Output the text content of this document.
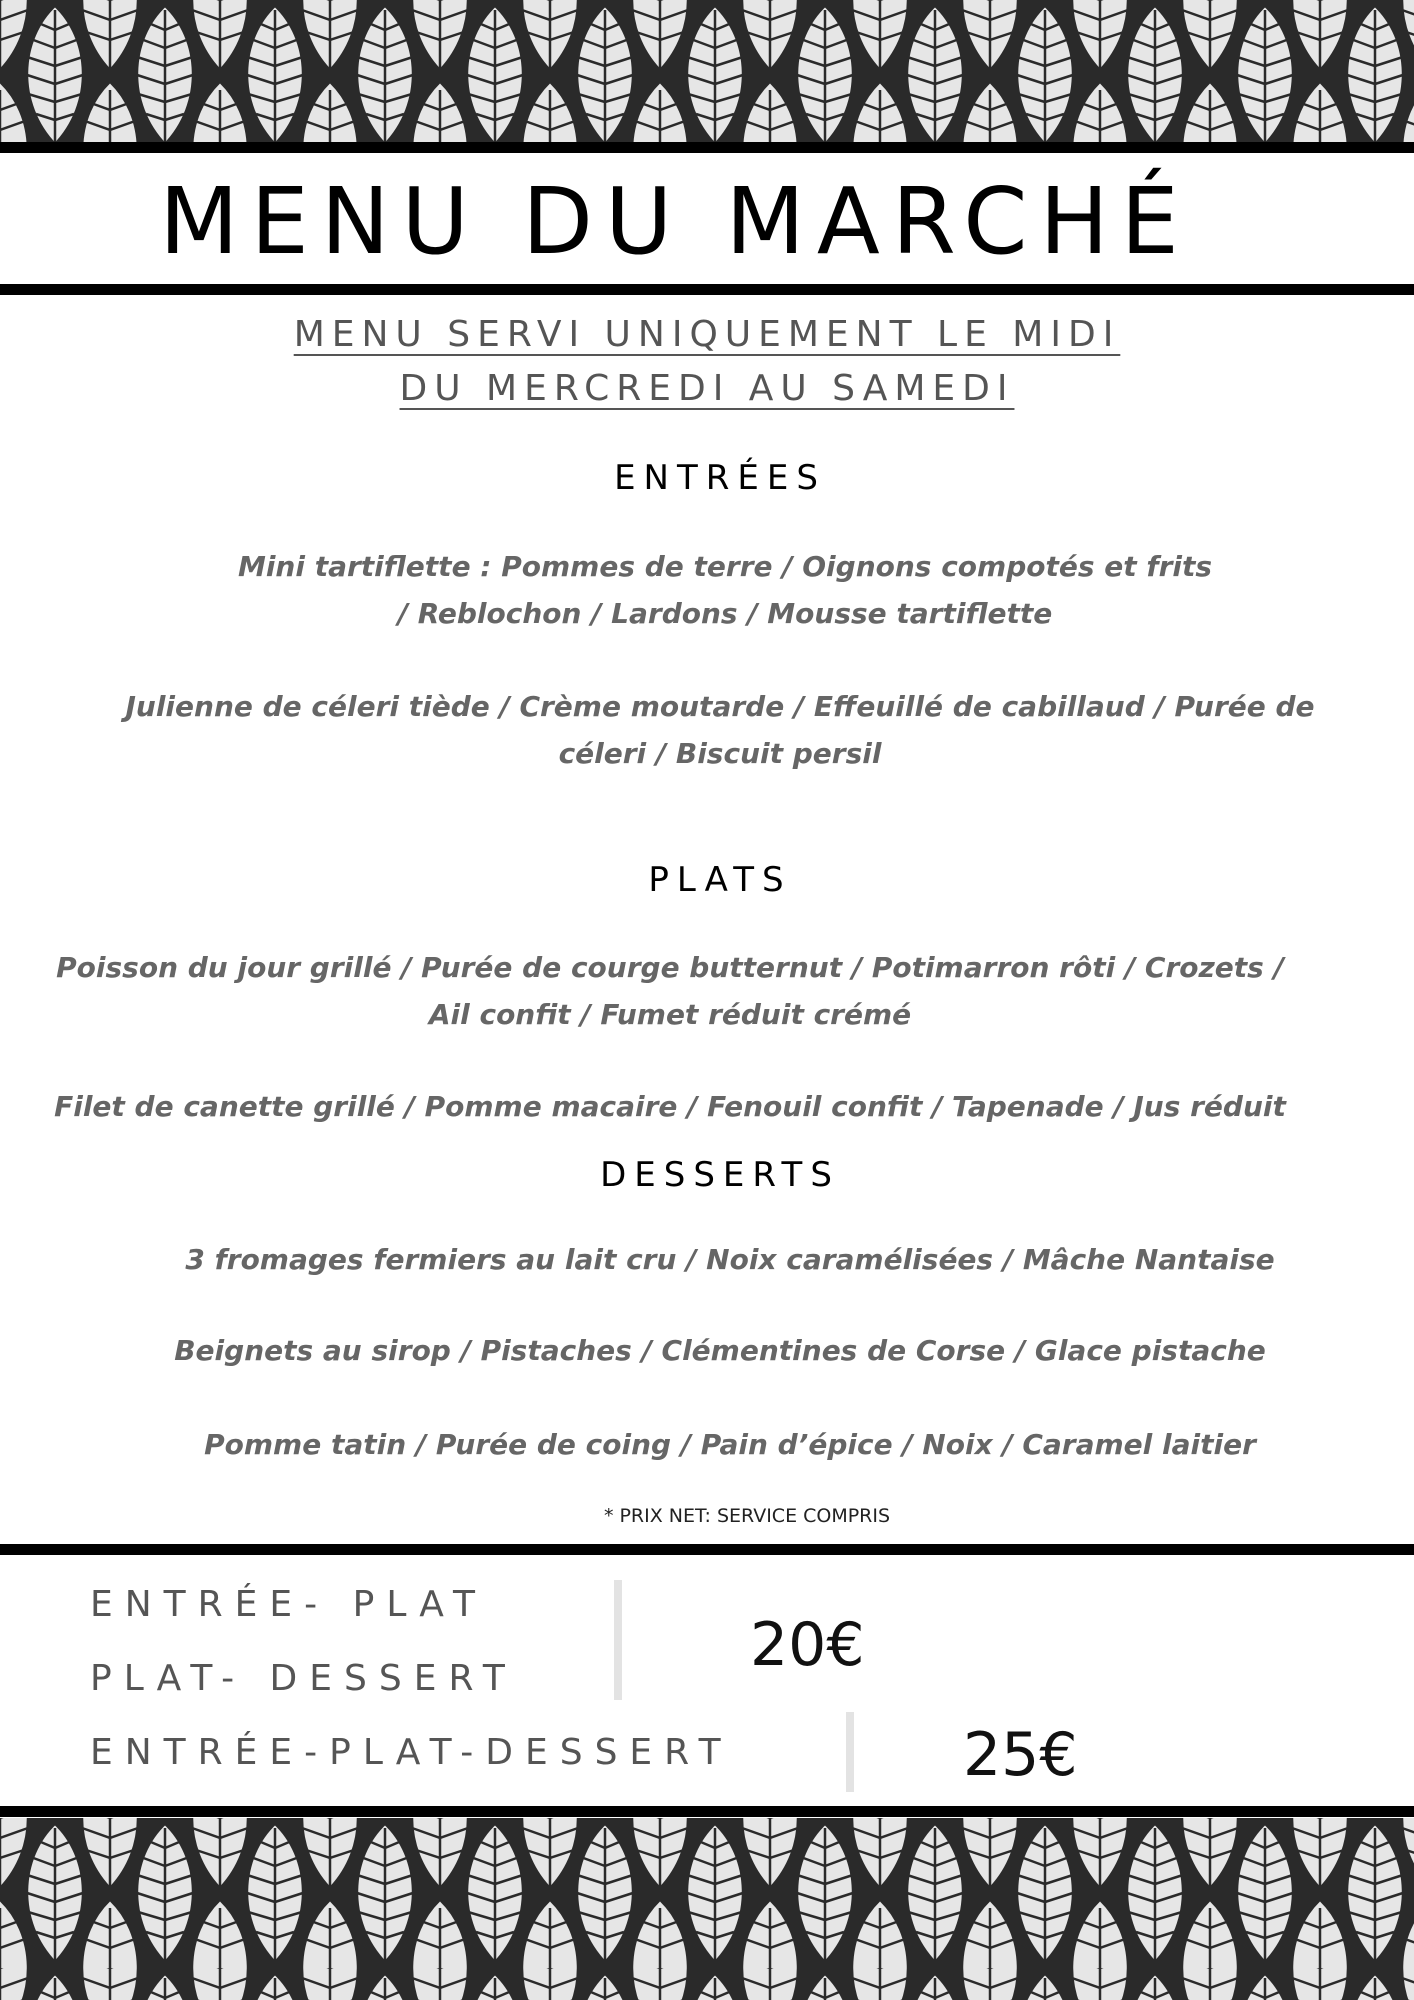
MENU DU MARCHÉ
MENU SERVI UNIQUEMENT LE MIDI
DU MERCREDI AU SAMEDI
ENTRÉES
Mini tartiflette : Pommes de terre / Oignons compotés et frits / Reblochon / Lardons / Mousse tartiflette
Julienne de céleri tiède / Crème moutarde / Effeuillé de cabillaud / Purée de céleri / Biscuit persil
PLATS
Poisson du jour grillé / Purée de courge butternut / Potimarron rôti / Crozets / Ail confit / Fumet réduit crémé
Filet de canette grillé / Pomme macaire / Fenouil confit / Tapenade / Jus réduit
DESSERTS
3 fromages fermiers au lait cru / Noix caramélisées / Mâche Nantaise
Beignets au sirop / Pistaches / Clémentines de Corse / Glace pistache
Pomme tatin / Purée de coing / Pain d’épice / Noix / Caramel laitier
* PRIX NET: SERVICE COMPRIS
ENTRÉE- PLAT
PLAT- DESSERT	20€
ENTRÉE-PLAT-DESSERT	25€
